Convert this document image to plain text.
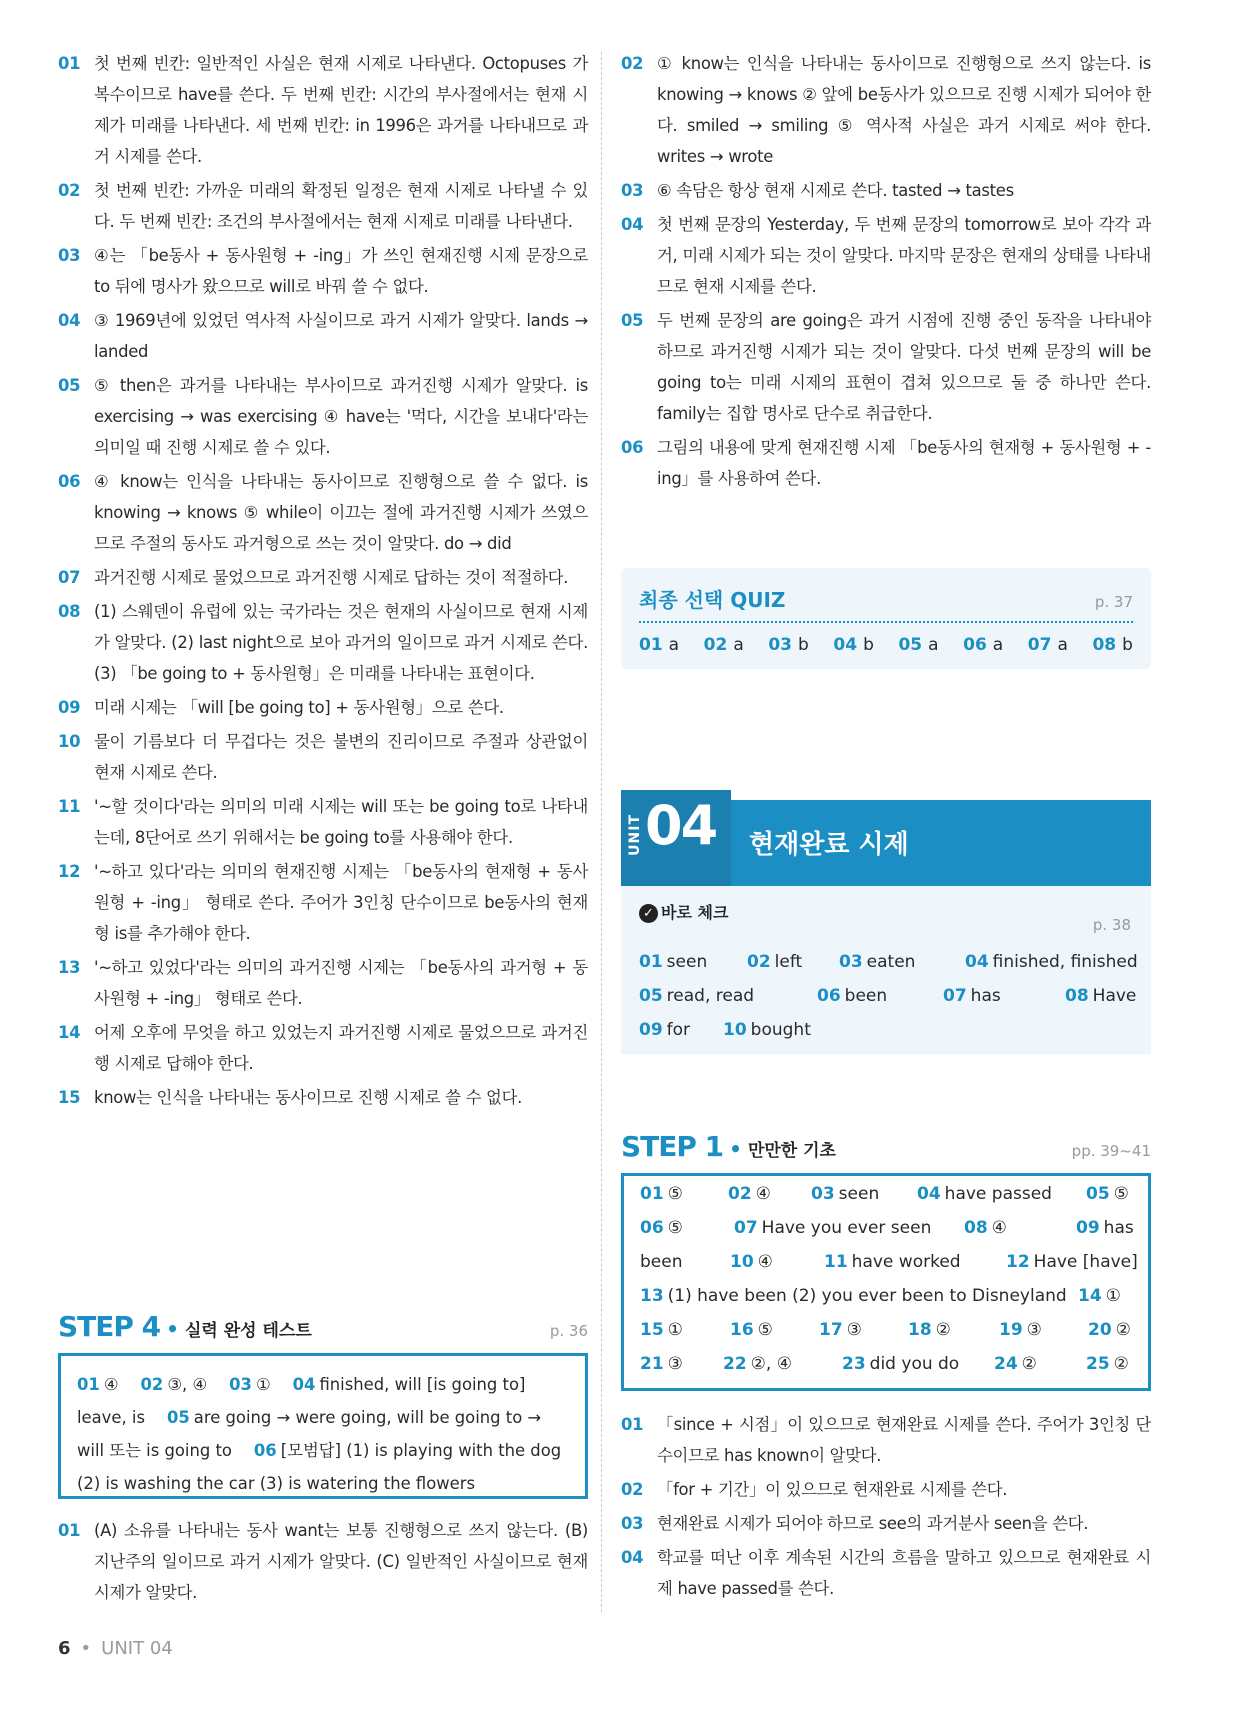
01 첫 번째 빈칸: 일반적인 사실은 현재 시제로 나타낸다. Octopuses 가 복수이므로 have를 쓴다. 두 번째 빈칸: 시간의 부사절에서는 현재 시제가 미래를 나타낸다. 세 번째 빈칸: in 1996은 과거를 나타내므로 과거 시제를 쓴다.
02 첫 번째 빈칸: 가까운 미래의 확정된 일정은 현재 시제로 나타낼 수 있다. 두 번째 빈칸: 조건의 부사절에서는 현재 시제로 미래를 나타낸다.
03 ④는 「be동사 + 동사원형 + -ing」가 쓰인 현재진행 시제 문장으로 to 뒤에 명사가 왔으므로 will로 바꿔 쓸 수 없다.
04 ③ 1969년에 있었던 역사적 사실이므로 과거 시제가 알맞다. lands → landed
05 ⑤ then은 과거를 나타내는 부사이므로 과거진행 시제가 알맞다. is exercising → was exercising ④ have는 '먹다, 시간을 보내다'라는 의미일 때 진행 시제로 쓸 수 있다.
06 ④ know는 인식을 나타내는 동사이므로 진행형으로 쓸 수 없다. is knowing → knows ⑤ while이 이끄는 절에 과거진행 시제가 쓰였으므로 주절의 동사도 과거형으로 쓰는 것이 알맞다. do → did
07 과거진행 시제로 물었으므로 과거진행 시제로 답하는 것이 적절하다.
08 (1) 스웨덴이 유럽에 있는 국가라는 것은 현재의 사실이므로 현재 시제가 알맞다. (2) last night으로 보아 과거의 일이므로 과거 시제로 쓴다. (3) 「be going to + 동사원형」은 미래를 나타내는 표현이다.
09 미래 시제는 「will [be going to] + 동사원형」으로 쓴다.
10 물이 기름보다 더 무겁다는 것은 불변의 진리이므로 주절과 상관없이 현재 시제로 쓴다.
11 '~할 것이다'라는 의미의 미래 시제는 will 또는 be going to로 나타내는데, 8단어로 쓰기 위해서는 be going to를 사용해야 한다.
12 '~하고 있다'라는 의미의 현재진행 시제는 「be동사의 현재형 + 동사원형 + -ing」 형태로 쓴다. 주어가 3인칭 단수이므로 be동사의 현재형 is를 추가해야 한다.
13 '~하고 있었다'라는 의미의 과거진행 시제는 「be동사의 과거형 + 동사원형 + -ing」 형태로 쓴다.
14 어제 오후에 무엇을 하고 있었는지 과거진행 시제로 물었으므로 과거진행 시제로 답해야 한다.
15 know는 인식을 나타내는 동사이므로 진행 시제로 쓸 수 없다.
STEP 4 • 실력 완성 테스트	p. 36
01 ④ 02 ③, ④ 03 ① 04 finished, will [is going to] leave, is 05 are going → were going, will be going to → will 또는 is going to 06 [모범답] (1) is playing with the dog (2) is washing the car (3) is watering the flowers
01 (A) 소유를 나타내는 동사 want는 보통 진행형으로 쓰지 않는다. (B) 지난주의 일이므로 과거 시제가 알맞다. (C) 일반적인 사실이므로 현재 시제가 알맞다.
02 ① know는 인식을 나타내는 동사이므로 진행형으로 쓰지 않는다. is knowing → knows ② 앞에 be동사가 있으므로 진행 시제가 되어야 한다. smiled → smiling ⑤ 역사적 사실은 과거 시제로 써야 한다. writes → wrote
03 ⑥ 속담은 항상 현재 시제로 쓴다. tasted → tastes
04 첫 번째 문장의 Yesterday, 두 번째 문장의 tomorrow로 보아 각각 과거, 미래 시제가 되는 것이 알맞다. 마지막 문장은 현재의 상태를 나타내므로 현재 시제를 쓴다.
05 두 번째 문장의 are going은 과거 시점에 진행 중인 동작을 나타내야 하므로 과거진행 시제가 되는 것이 알맞다. 다섯 번째 문장의 will be going to는 미래 시제의 표현이 겹쳐 있으므로 둘 중 하나만 쓴다. family는 집합 명사로 단수로 취급한다.
06 그림의 내용에 맞게 현재진행 시제 「be동사의 현재형 + 동사원형 + -ing」를 사용하여 쓴다.
최종 선택 QUIZ	p. 37
01 a 02 a 03 b 04 b 05 a 06 a 07 a 08 b
UNIT 04 현재완료 시제
✓ 바로 체크
p. 38
01 seen 02 left 03 eaten	04 finished, finished
05 read, read	06 been	07 has	08 Have
09 for 10 bought
STEP 1 • 만만한 기초	pp. 39~41
01 ⑤	02 ④ 03 seen 04 have passed 05 ⑤
06 ⑤	07 Have you ever seen 08 ④	09 has
been	10 ④	11 have worked	12 Have [have]
13 (1) have been (2) you ever been to Disneyland 14 ①
15 ①	16 ⑤	17 ③	18 ②	19 ③	20 ②
21 ③ 22 ②, ④	23 did you do 24 ②	25 ②
01 「since + 시점」이 있으므로 현재완료 시제를 쓴다. 주어가 3인칭 단수이므로 has known이 알맞다.
02 「for + 기간」이 있으므로 현재완료 시제를 쓴다.
03 현재완료 시제가 되어야 하므로 see의 과거분사 seen을 쓴다.
04 학교를 떠난 이후 계속된 시간의 흐름을 말하고 있으므로 현재완료 시제 have passed를 쓴다.
6 • UNIT 04
